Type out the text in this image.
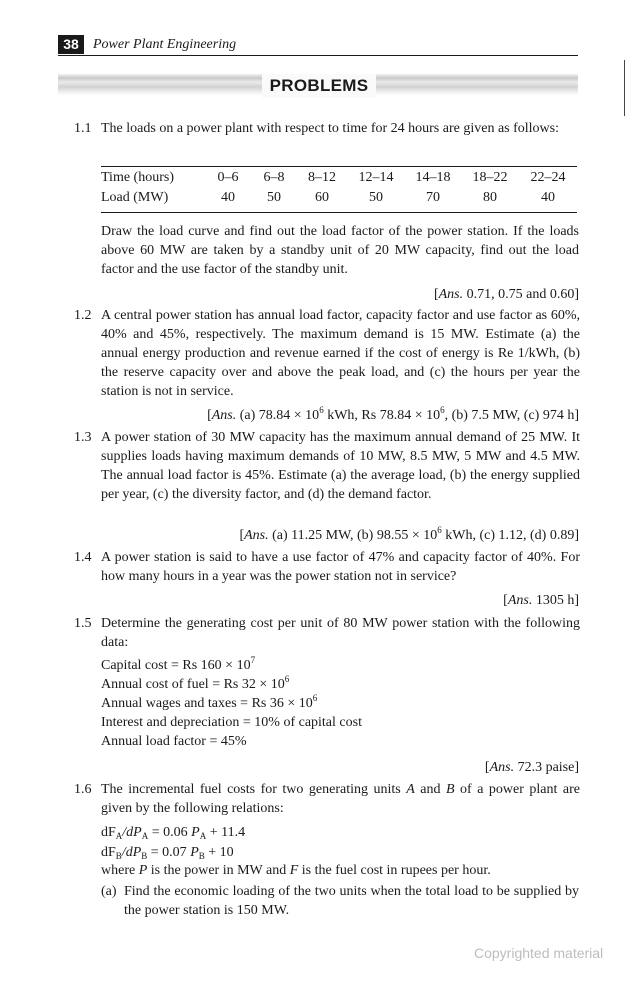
38	Power Plant Engineering
PROBLEMS
1.1 The loads on a power plant with respect to time for 24 hours are given as follows:
Time (hours)	0–6	6–8	8–12	12–14	14–18	18–22	22–24
Load (MW)	40	50	60	50	70	80	40
Draw the load curve and find out the load factor of the power station. If the loads above 60 MW are taken by a standby unit of 20 MW capacity, find out the load factor and the use factor of the standby unit.
[Ans. 0.71, 0.75 and 0.60]
1.2 A central power station has annual load factor, capacity factor and use factor as 60%, 40% and 45%, respectively. The maximum demand is 15 MW. Estimate (a) the annual energy production and revenue earned if the cost of energy is Re 1/kWh, (b) the reserve capacity over and above the peak load, and (c) the hours per year the station is not in service.
[Ans. (a) $78.84 \times 10^6$ kWh, Rs $78.84 \times 10^6$, (b) 7.5 MW, (c) 974 h]
1.3 A power station of 30 MW capacity has the maximum annual demand of 25 MW. It supplies loads having maximum demands of 10 MW, 8.5 MW, 5 MW and 4.5 MW. The annual load factor is 45%. Estimate (a) the average load, (b) the energy supplied per year, (c) the diversity factor, and (d) the demand factor.
[Ans. (a) 11.25 MW, (b) $98.55 \times 10^6$ kWh, (c) 1.12, (d) 0.89]
1.4 A power station is said to have a use factor of 47% and capacity factor of 40%. For how many hours in a year was the power station not in service?
[Ans. 1305 h]
1.5 Determine the generating cost per unit of 80 MW power station with the following data:
Capital cost = Rs $160 \times 10^7$
Annual cost of fuel = Rs $32 \times 10^6$
Annual wages and taxes = Rs $36 \times 10^6$
Interest and depreciation = 10% of capital cost
Annual load factor = 45%
[Ans. 72.3 paise]
1.6 The incremental fuel costs for two generating units A and B of a power plant are given by the following relations:
$dF_A/dP_A = 0.06$ $P_A + 11.4$
$dF_B/dP_B = 0.07$ $P_B + 10$
where P is the power in MW and F is the fuel cost in rupees per hour.
(a) Find the economic loading of the two units when the total load to be supplied by the power station is 150 MW.
Copyrighted material
